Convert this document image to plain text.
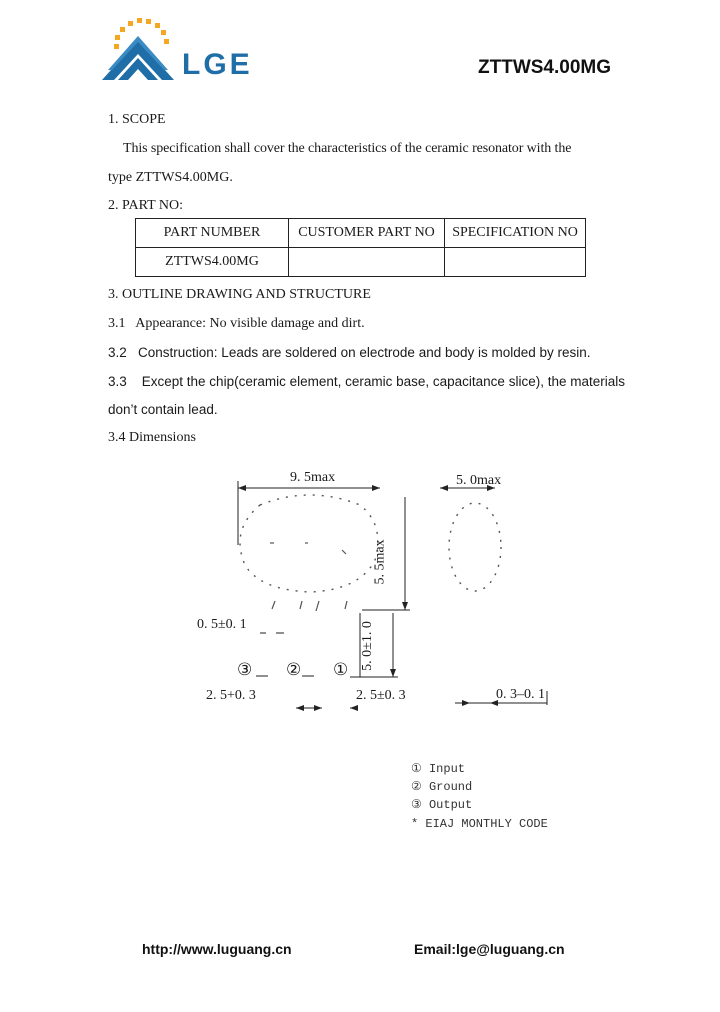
LGE	ZTTWS4.00MG
1. SCOPE
This specification shall cover the characteristics of the ceramic resonator with the
type ZTTWS4.00MG.
2. PART NO:
PART NUMBER	CUSTOMER PART NO	SPECIFICATION NO
ZTTWS4.00MG		
3. OUTLINE DRAWING AND STRUCTURE
3.1   Appearance: No visible damage and dirt.
3.2   Construction: Leads are soldered on electrode and body is molded by resin.
3.3    Except the chip(ceramic element, ceramic base, capacitance slice), the materials
don’t contain lead.
3.4 Dimensions
9. 5max	5. 0max
5. 5max
5. 0±1. 0
0. 5±0. 1
③ ② ①
2. 5+0. 3	2. 5±0. 3	0. 3–0. 1
① Input
② Ground
③ Output
* EIAJ MONTHLY CODE
http://www.luguang.cn	Email:lge@luguang.cn
